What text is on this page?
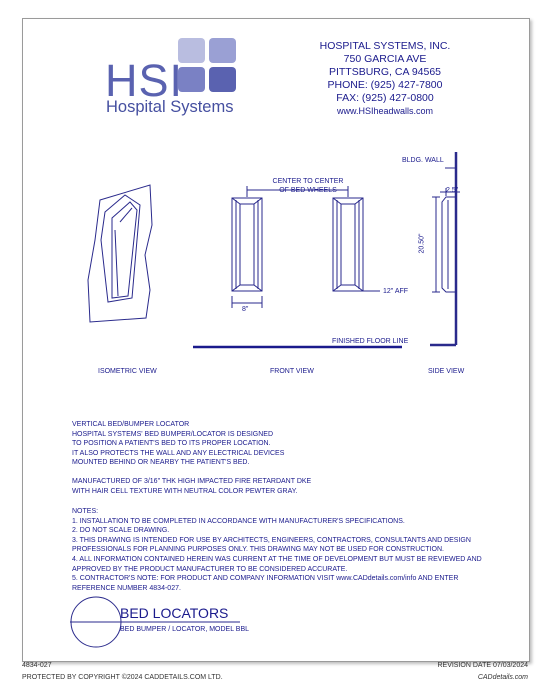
HSI
Hospital Systems
HOSPITAL SYSTEMS, INC.
750 GARCIA AVE
PITTSBURG, CA 94565
PHONE: (925) 427-7800
FAX: (925) 427-0800
www.HSIheadwalls.com
BLDG. WALL
CENTER TO CENTER
OF BED WHEELS
8"
12" AFF
2.5"
20.50"
FINISHED FLOOR LINE
ISOMETRIC VIEW	FRONT VIEW	SIDE VIEW
VERTICAL BED/BUMPER LOCATOR
HOSPITAL SYSTEMS' BED BUMPER/LOCATOR IS DESIGNED
TO POSITION A PATIENT'S BED TO ITS PROPER LOCATION.
IT ALSO PROTECTS THE WALL AND ANY ELECTRICAL DEVICES
MOUNTED BEHIND OR NEARBY THE PATIENT'S BED.
MANUFACTURED OF 3/16" THK HIGH IMPACTED FIRE RETARDANT DKE
WITH HAIR CELL TEXTURE WITH NEUTRAL COLOR PEWTER GRAY.
NOTES:
1. INSTALLATION TO BE COMPLETED IN ACCORDANCE WITH MANUFACTURER'S SPECIFICATIONS.
2. DO NOT SCALE DRAWING.
3. THIS DRAWING IS INTENDED FOR USE BY ARCHITECTS, ENGINEERS, CONTRACTORS, CONSULTANTS AND DESIGN
PROFESSIONALS FOR PLANNING PURPOSES ONLY. THIS DRAWING MAY NOT BE USED FOR CONSTRUCTION.
4. ALL INFORMATION CONTAINED HEREIN WAS CURRENT AT THE TIME OF DEVELOPMENT BUT MUST BE REVIEWED AND
APPROVED BY THE PRODUCT MANUFACTURER TO BE CONSIDERED ACCURATE.
5. CONTRACTOR'S NOTE: FOR PRODUCT AND COMPANY INFORMATION VISIT www.CADdetails.com/info AND ENTER
REFERENCE NUMBER 4834-027.
BED LOCATORS
BED BUMPER / LOCATOR, MODEL BBL
4834-027	REVISION DATE 07/03/2024
PROTECTED BY COPYRIGHT ©2024 CADDETAILS.COM LTD.	CADdetails.com
